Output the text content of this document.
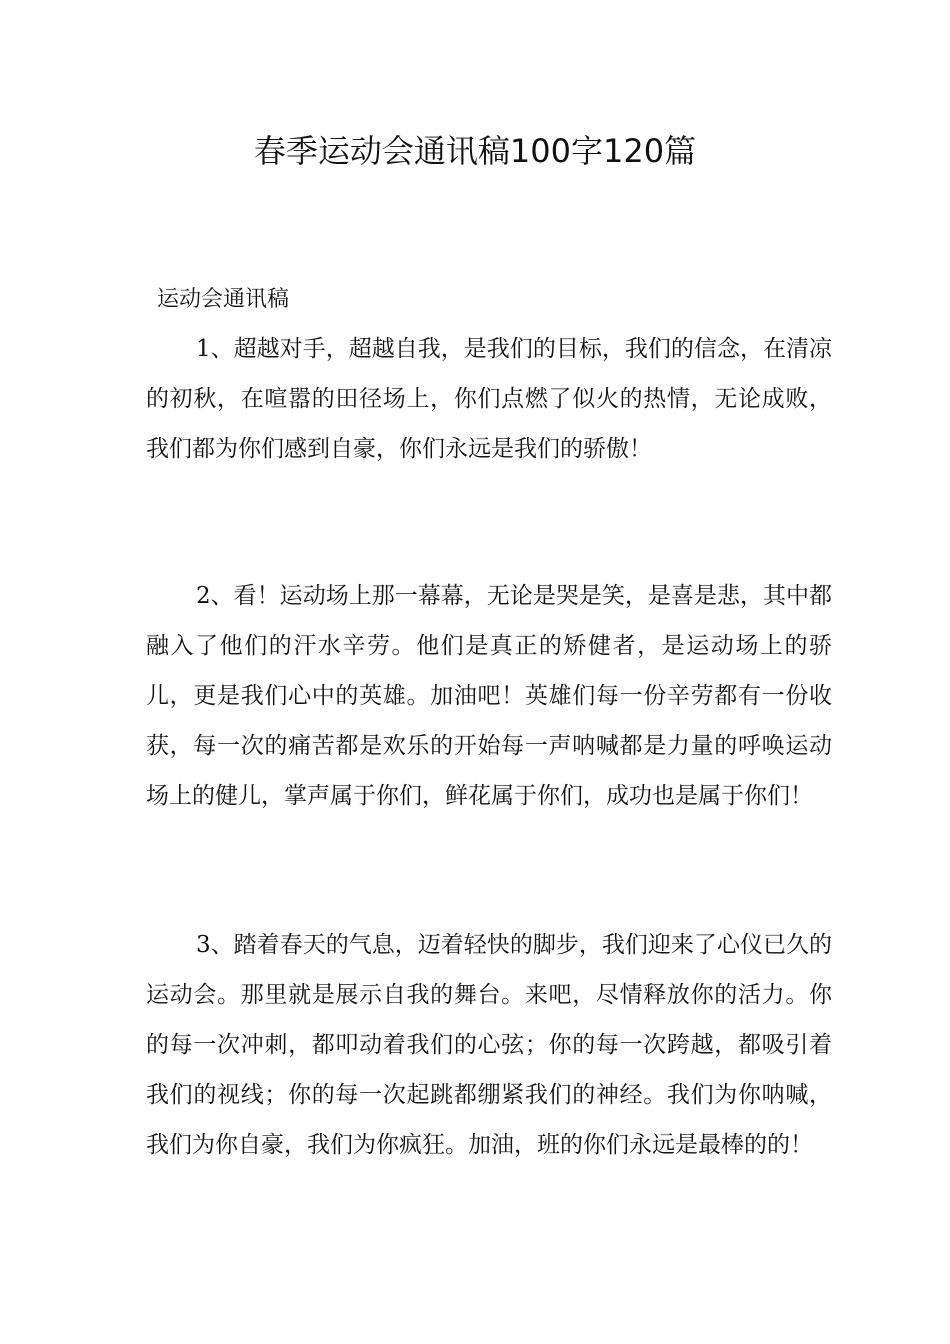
春季运动会通讯稿100字120篇

运动会通讯稿

1、超越对手，超越自我，是我们的目标，我们的信念，在清凉的初秋，在喧嚣的田径场上，你们点燃了似火的热情，无论成败，我们都为你们感到自豪，你们永远是我们的骄傲！

2、看！运动场上那一幕幕，无论是哭是笑，是喜是悲，其中都融入了他们的汗水辛劳。他们是真正的矫健者，是运动场上的骄儿，更是我们心中的英雄。加油吧！英雄们每一份辛劳都有一份收获，每一次的痛苦都是欢乐的开始每一声呐喊都是力量的呼唤运动场上的健儿，掌声属于你们，鲜花属于你们，成功也是属于你们！

3、踏着春天的气息，迈着轻快的脚步，我们迎来了心仪已久的运动会。那里就是展示自我的舞台。来吧，尽情释放你的活力。你的每一次冲刺，都叩动着我们的心弦；你的每一次跨越，都吸引着我们的视线；你的每一次起跳都绷紧我们的神经。我们为你呐喊，我们为你自豪，我们为你疯狂。加油，班的你们永远是最棒的的！
